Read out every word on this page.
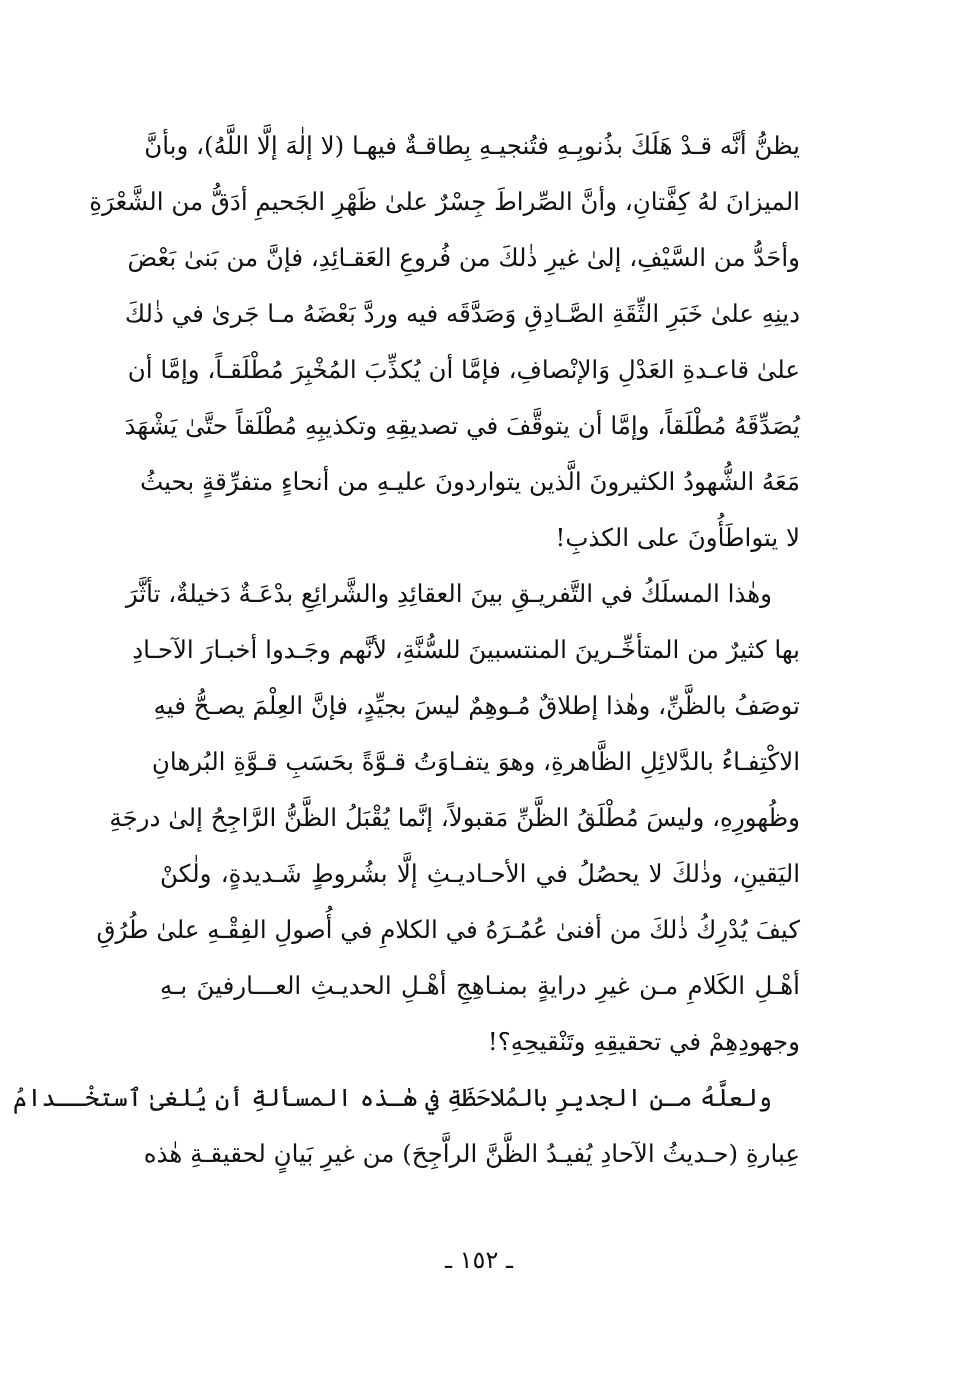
يظنُّ أنَّه قـدْ هَلَكَ بذُنوبِـهِ فتُنجيـهِ بِطاقـةٌ فيهـا (لا إلٰهَ إلَّا اللَّهُ)، وبأنَّ
الميزانَ لهُ كِفَّتانِ، وأنَّ الصِّراطَ جِسْرٌ علىٰ ظَهْرِ الجَحيمِ أدَقُّ من الشَّعْرَةِ
وأحَدُّ من السَّيْفِ، إلىٰ غيرِ ذٰلكَ من فُروعِ العَقـائِدِ، فإنَّ من بَنىٰ بَعْضَ
دينِهِ علىٰ خَبَرِ الثِّقَةِ الصَّـادِقِ وَصَدَّقَه فيه وردَّ بَعْضَهُ مـا جَرىٰ في ذٰلكَ
علىٰ قاعـدةِ العَدْلِ وَالإنْصافِ، فإمَّا أن يُكذِّبَ المُخْبِرَ مُطْلَقـاً، وإمَّا أن
يُصَدِّقَهُ مُطْلَقاً، وإمَّا أن يتوقَّفَ في تصديقِهِ وتكذيبِهِ مُطْلَقاً حتَّىٰ يَشْهَدَ
مَعَهُ الشُّهودُ الكثيرونَ الَّذين يتواردونَ عليـهِ من أنحاءٍ متفرِّقةٍ بحيثُ
لا يتواطَأُونَ على الكذبِ!
وهٰذا المسلَكُ في التَّفريـقِ بينَ العقائِدِ والشَّرائِعِ بدْعَـةٌ دَخيلةٌ، تأثَّرَ
بها كثيرٌ من المتأخِّـرينَ المنتسبينَ للسُّنَّةِ، لأنَّهم وجَـدوا أخبـارَ الآحـادِ
توصَفُ بالظَّنِّ، وهٰذا إطلاقٌ مُـوهِمٌ ليسَ بجيِّدٍ، فإنَّ العِلْمَ يصـحُّ فيهِ
الاكْتِفـاءُ بالدَّلائِلِ الظَّاهرةِ، وهوَ يتفـاوَتُ قـوَّةً بحَسَبِ قـوَّةِ البُرهانِ
وظُهورِهِ، وليسَ مُطْلَقُ الظَّنِّ مَقبولاً، إنَّما يُقْبَلُ الظَّنُّ الرَّاجِحُ إلىٰ درجَةِ
اليَقينِ، وذٰلكَ لا يحصُلُ في الأحـاديـثِ إلَّا بشُروطٍ شَـديدةٍ، ولٰكنْ
كيفَ يُدْرِكُ ذٰلكَ من أفنىٰ عُمُـرَهُ في الكلامِ في أُصولِ الفِقْـهِ علىٰ طُرُقِ
أهْـلِ الكَلامِ مـن غيرِ درايةٍ بمنـاهِجِ أهْـلِ الحديـثِ العـــارفينَ بـهِ
وجهودِهِمْ في تحقيقِهِ وتَنْقيحِهِ؟!
ولعلَّهُ مـن الجديرِ بالمُلاحَظَةِ في هٰـذه المسألةِ أن يُلغىٰ ٱستخْــدامُ
عِبارةِ (حـديثُ الآحادِ يُفيـدُ الظَّنَّ الراَّجِحَ) من غيرِ بَيانٍ لحقيقـةِ هٰذه
ـ ١٥٢ ـ
